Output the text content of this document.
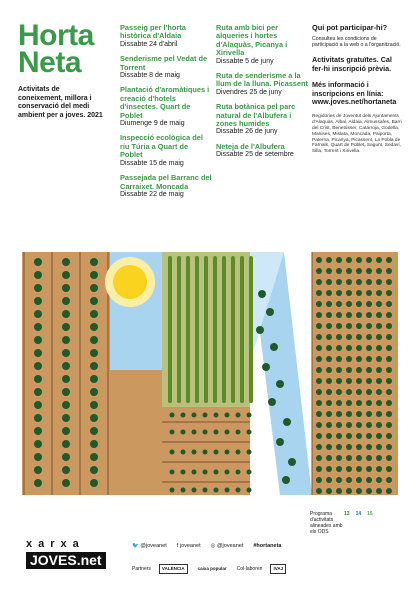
Horta
Neta
Activitats de coneixement, millora i conservació del medi ambient per a joves. 2021
Passeig per l'horta històrica d'Aldaia
Dissabte 24 d'abril
Senderisme pel Vedat de Torrent
Dissabte 8 de maig
Plantació d'aromàtiques i creació d'hotels d'insectes. Quart de Poblet
Diumenge 9 de maig
Inspecció ecològica del riu Túria a Quart de Poblet
Dissabte 15 de maig
Passejada pel Barranc del Carraixet. Moncada
Dissabte 22 de maig
Ruta amb bici per alqueries i hortes d'Alaquàs, Picanya i Xirivella
Dissabte 5 de juny
Ruta de senderisme a la llum de la lluna. Picassent
Divendres 25 de juny
Ruta botànica pel parc natural de l'Albufera i zones humides
Dissabte 26 de juny
Neteja de l'Albufera
Dissabte 25 de setembre
Qui pot participar-hi?
Consulteu les condicions de participació a la web o a l'organització.
Activitats gratuïtes. Cal fer-hi inscripció prèvia.
Més informació i inscripcions en línia: www.joves.net/hortaneta
Regidories de Joventut dels Ajuntaments d'Alaquàs, Albal, Aldaia, Almussafes, Barri del Crist, Benetússer, Catarroja, Godella, Manises, Mislata, Moncada, Paiporta, Paterna, Picanya, Picassent, La Pobla de Farnals, Quart de Poblet, Sagunt, Sedaví, Silla, Torrent i Xirivella.
xarxa
JOVES.net
🐦 @joveanet f joveanet ◎ @joveanet #hortaneta
Partners	VALÈNCIA	caixa popular	Col·laboren	IVAJ
Programa d'activitats alineades amb els ODS
13 14 15
